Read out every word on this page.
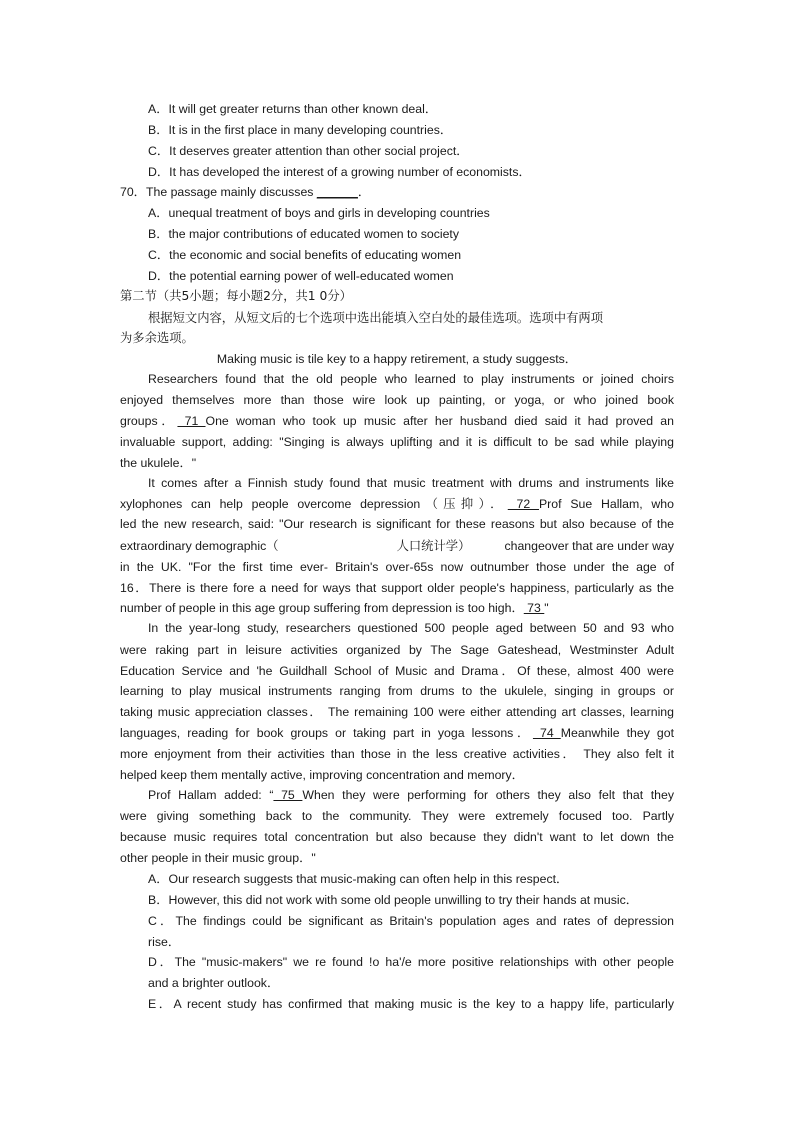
A．It will get greater returns than other known deal．
B．It is in the first place in many developing countries．
C．It deserves greater attention than other social project．
D．It has developed the interest of a growing number of economists．
70．The passage mainly discusses ______．
A．unequal treatment of boys and girls in developing countries
B．the major contributions of educated women to society
C．the economic and social benefits of educating women
D．the potential earning power of well-educated women
第二节（共5小题；每小题2分，共1 0分）
根据短文内容，从短文后的七个选项中选出能填入空白处的最佳选项。选项中有两项
为多余选项。
Making music is tile key to a happy retirement, a study suggests．
Researchers found that the old people who learned to play instruments or joined choirs
enjoyed themselves more than those wire look up painting, or yoga, or who joined book
groups． 71 One woman who took up music after her husband died said it had proved an
invaluable support, adding: "Singing is always uplifting and it is difficult to be sad while playing
the ukulele．"
It comes after a Finnish study found that music treatment with drums and instruments like
xylophones can help people overcome depression（压抑）． 72 Prof Sue Hallam, who
led the new research, said: "Our research is significant for these reasons but also because of the
extraordinary demographic（	人口统计学）	changeover that are under way
in the UK. "For the first time ever- Britain's over-65s now outnumber those under the age of
16．There is there fore a need for ways that support older people's happiness, particularly as the
number of people in this age group suffering from depression is too high． 73 "
In the year-long study, researchers questioned 500 people aged between 50 and 93 who
were raking part in leisure activities organized by The Sage Gateshead, Westminster Adult
Education Service and 'he Guildhall School of Music and Drama．Of these, almost 400 were
learning to play musical instruments ranging from drums to the ukulele, singing in groups or
taking music appreciation classes． The remaining 100 were either attending art classes, learning
languages, reading for book groups or taking part in yoga lessons． 74 Meanwhile they got
more enjoyment from their activities than those in the less creative activities． They also felt it
helped keep them mentally active, improving concentration and memory．
Prof Hallam added: “ 75 When they were performing for others they also felt that they
were giving something back to the community. They were extremely focused too. Partly
because music requires total concentration but also because they didn't want to let down the
other people in their music group．"
A．Our research suggests that music-making can often help in this respect．
B．However, this did not work with some old people unwilling to try their hands at music．
C．The findings could be significant as Britain's population ages and rates of depression
rise．
D．The "music-makers" we re found !o ha'/e more positive relationships with other people
and a brighter outlook．
E．A recent study has confirmed that making music is the key to a happy life, particularly
